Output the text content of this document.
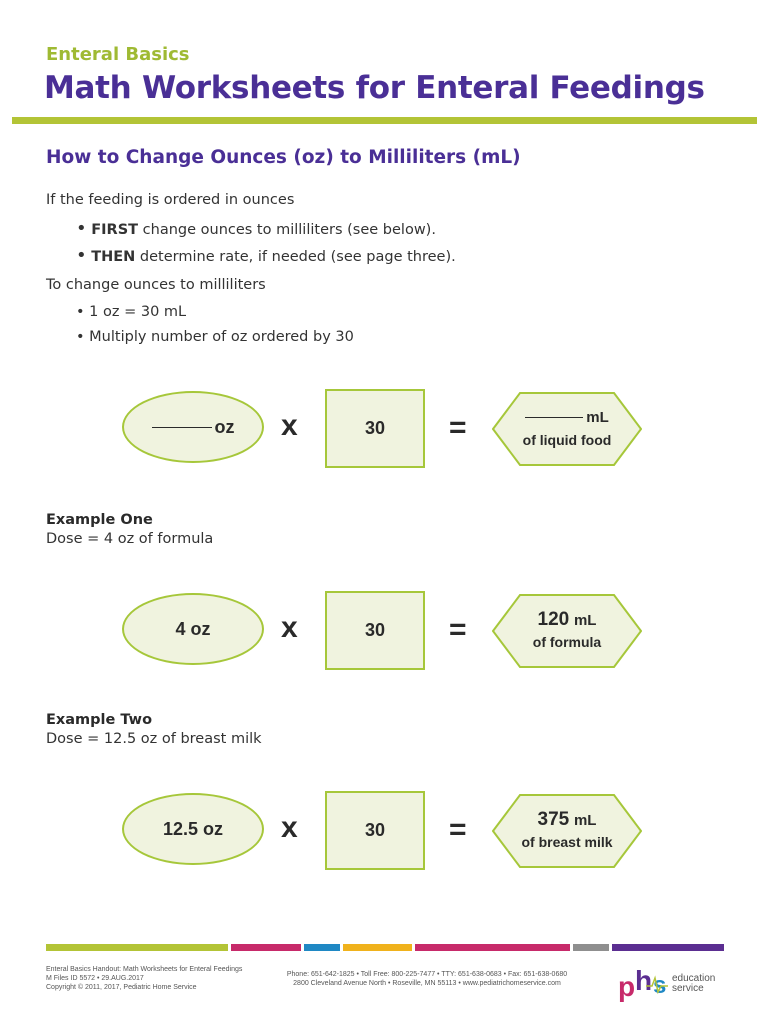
Enteral Basics
Math Worksheets for Enteral Feedings
How to Change Ounces (oz) to Milliliters (mL)
If the feeding is ordered in ounces
• FIRST change ounces to milliliters (see below).
• THEN determine rate, if needed (see page three).
To change ounces to milliliters
• 1 oz = 30 mL
• Multiply number of oz ordered by 30
oz x	30	=	mL
of liquid food
Example One
Dose = 4 oz of formula
4 oz	x	30	=	120 mL
of formula
Example Two
Dose = 12.5 oz of breast milk
12.5 oz	x	30	=	375 mL
of breast milk
Enteral Basics Handout: Math Worksheets for Enteral Feedings
M Files ID 5572 • 29.AUG.2017
Copyright © 2011, 2017, Pediatric Home Service
Phone: 651-642-1825 • Toll Free: 800-225-7477 • TTY: 651-638-0683 • Fax: 651-638-0680
2800 Cleveland Avenue North • Roseville, MN 55113 • www.pediatrichomeservice.com	p h s education
service
